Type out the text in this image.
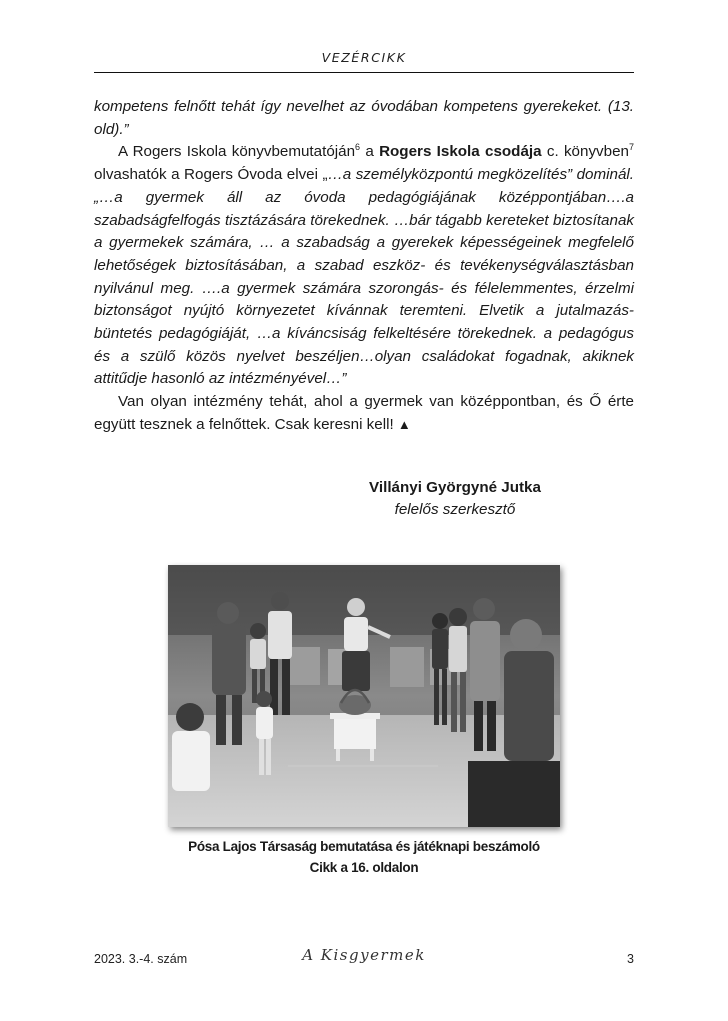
VEZÉRCIKK

kompetens felnőtt tehát így nevelhet az óvodában kompetens gyerekeket. (13. old).”

A Rogers Iskola könyvbemutatóján$^6$ a Rogers Iskola csodája c. könyvben$^7$ olvashatók a Rogers Óvoda elvei „…a személyközpontú megközelítés” dominál. „…a gyermek áll az óvoda pedagógiájának középpontjában….a szabadságfelfogás tisztázására törekednek. …bár tágabb kereteket biztosítanak a gyermekek számára, … a szabadság a gyerekek képességeinek megfelelő lehetőségek biztosításában, a szabad eszköz- és tevékenységválasztásban nyilvánul meg. ….a gyermek számára szorongás- és félelemmentes, érzelmi biztonságot nyújtó környezetet kívánnak teremteni. Elvetik a jutalmazás-büntetés pedagógiáját, …a kíváncsiság felkeltésére törekednek. a pedagógus és a szülő közös nyelvet beszéljen…olyan családokat fogadnak, akiknek attitűdje hasonló az intézményével…”

Van olyan intézmény tehát, ahol a gyermek van középpontban, és Ő érte együtt tesznek a felnőttek. Csak keresni kell! ▲

Villányi Györgyné Jutka
felelős szerkesztő
Pósa Lajos Társaság bemutatása és játéknapi beszámoló
Cikk a 16. oldalon
2023. 3.-4. szám	A Kisgyermek	3
